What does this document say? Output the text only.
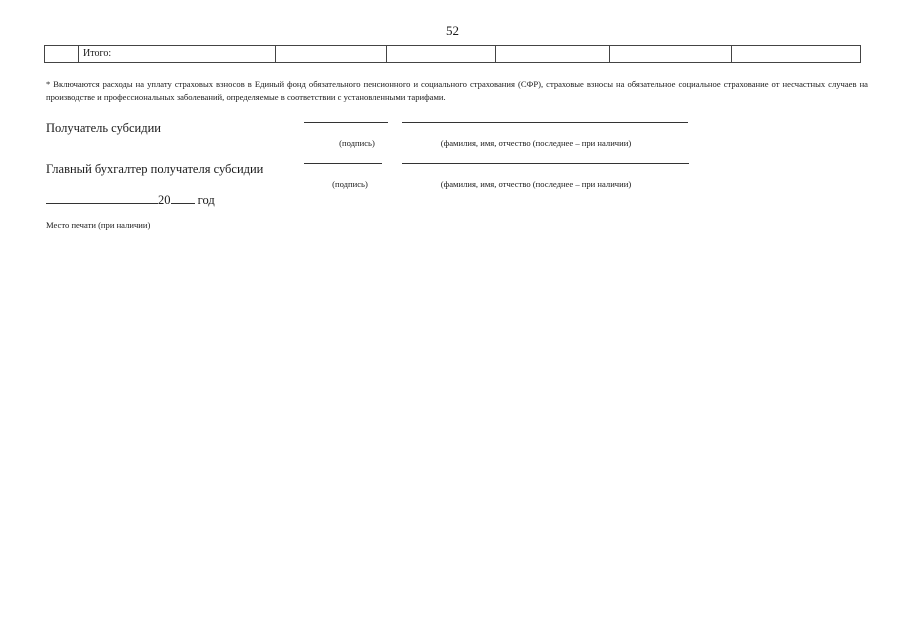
52
	Итого:					
* Включаются расходы на уплату страховых взносов в Единый фонд обязательного пенсионного и социального страхования (СФР), страховые взносы на обязательное социальное страхование от несчастных случаев на производстве и профессиональных заболеваний, определяемые в соответствии с установленными тарифами.
Получатель субсидии
(подпись)	(фамилия, имя, отчество (последнее – при наличии)
Главный бухгалтер получателя субсидии
(подпись)	(фамилия, имя, отчество (последнее – при наличии)
20 год
Место печати (при наличии)
